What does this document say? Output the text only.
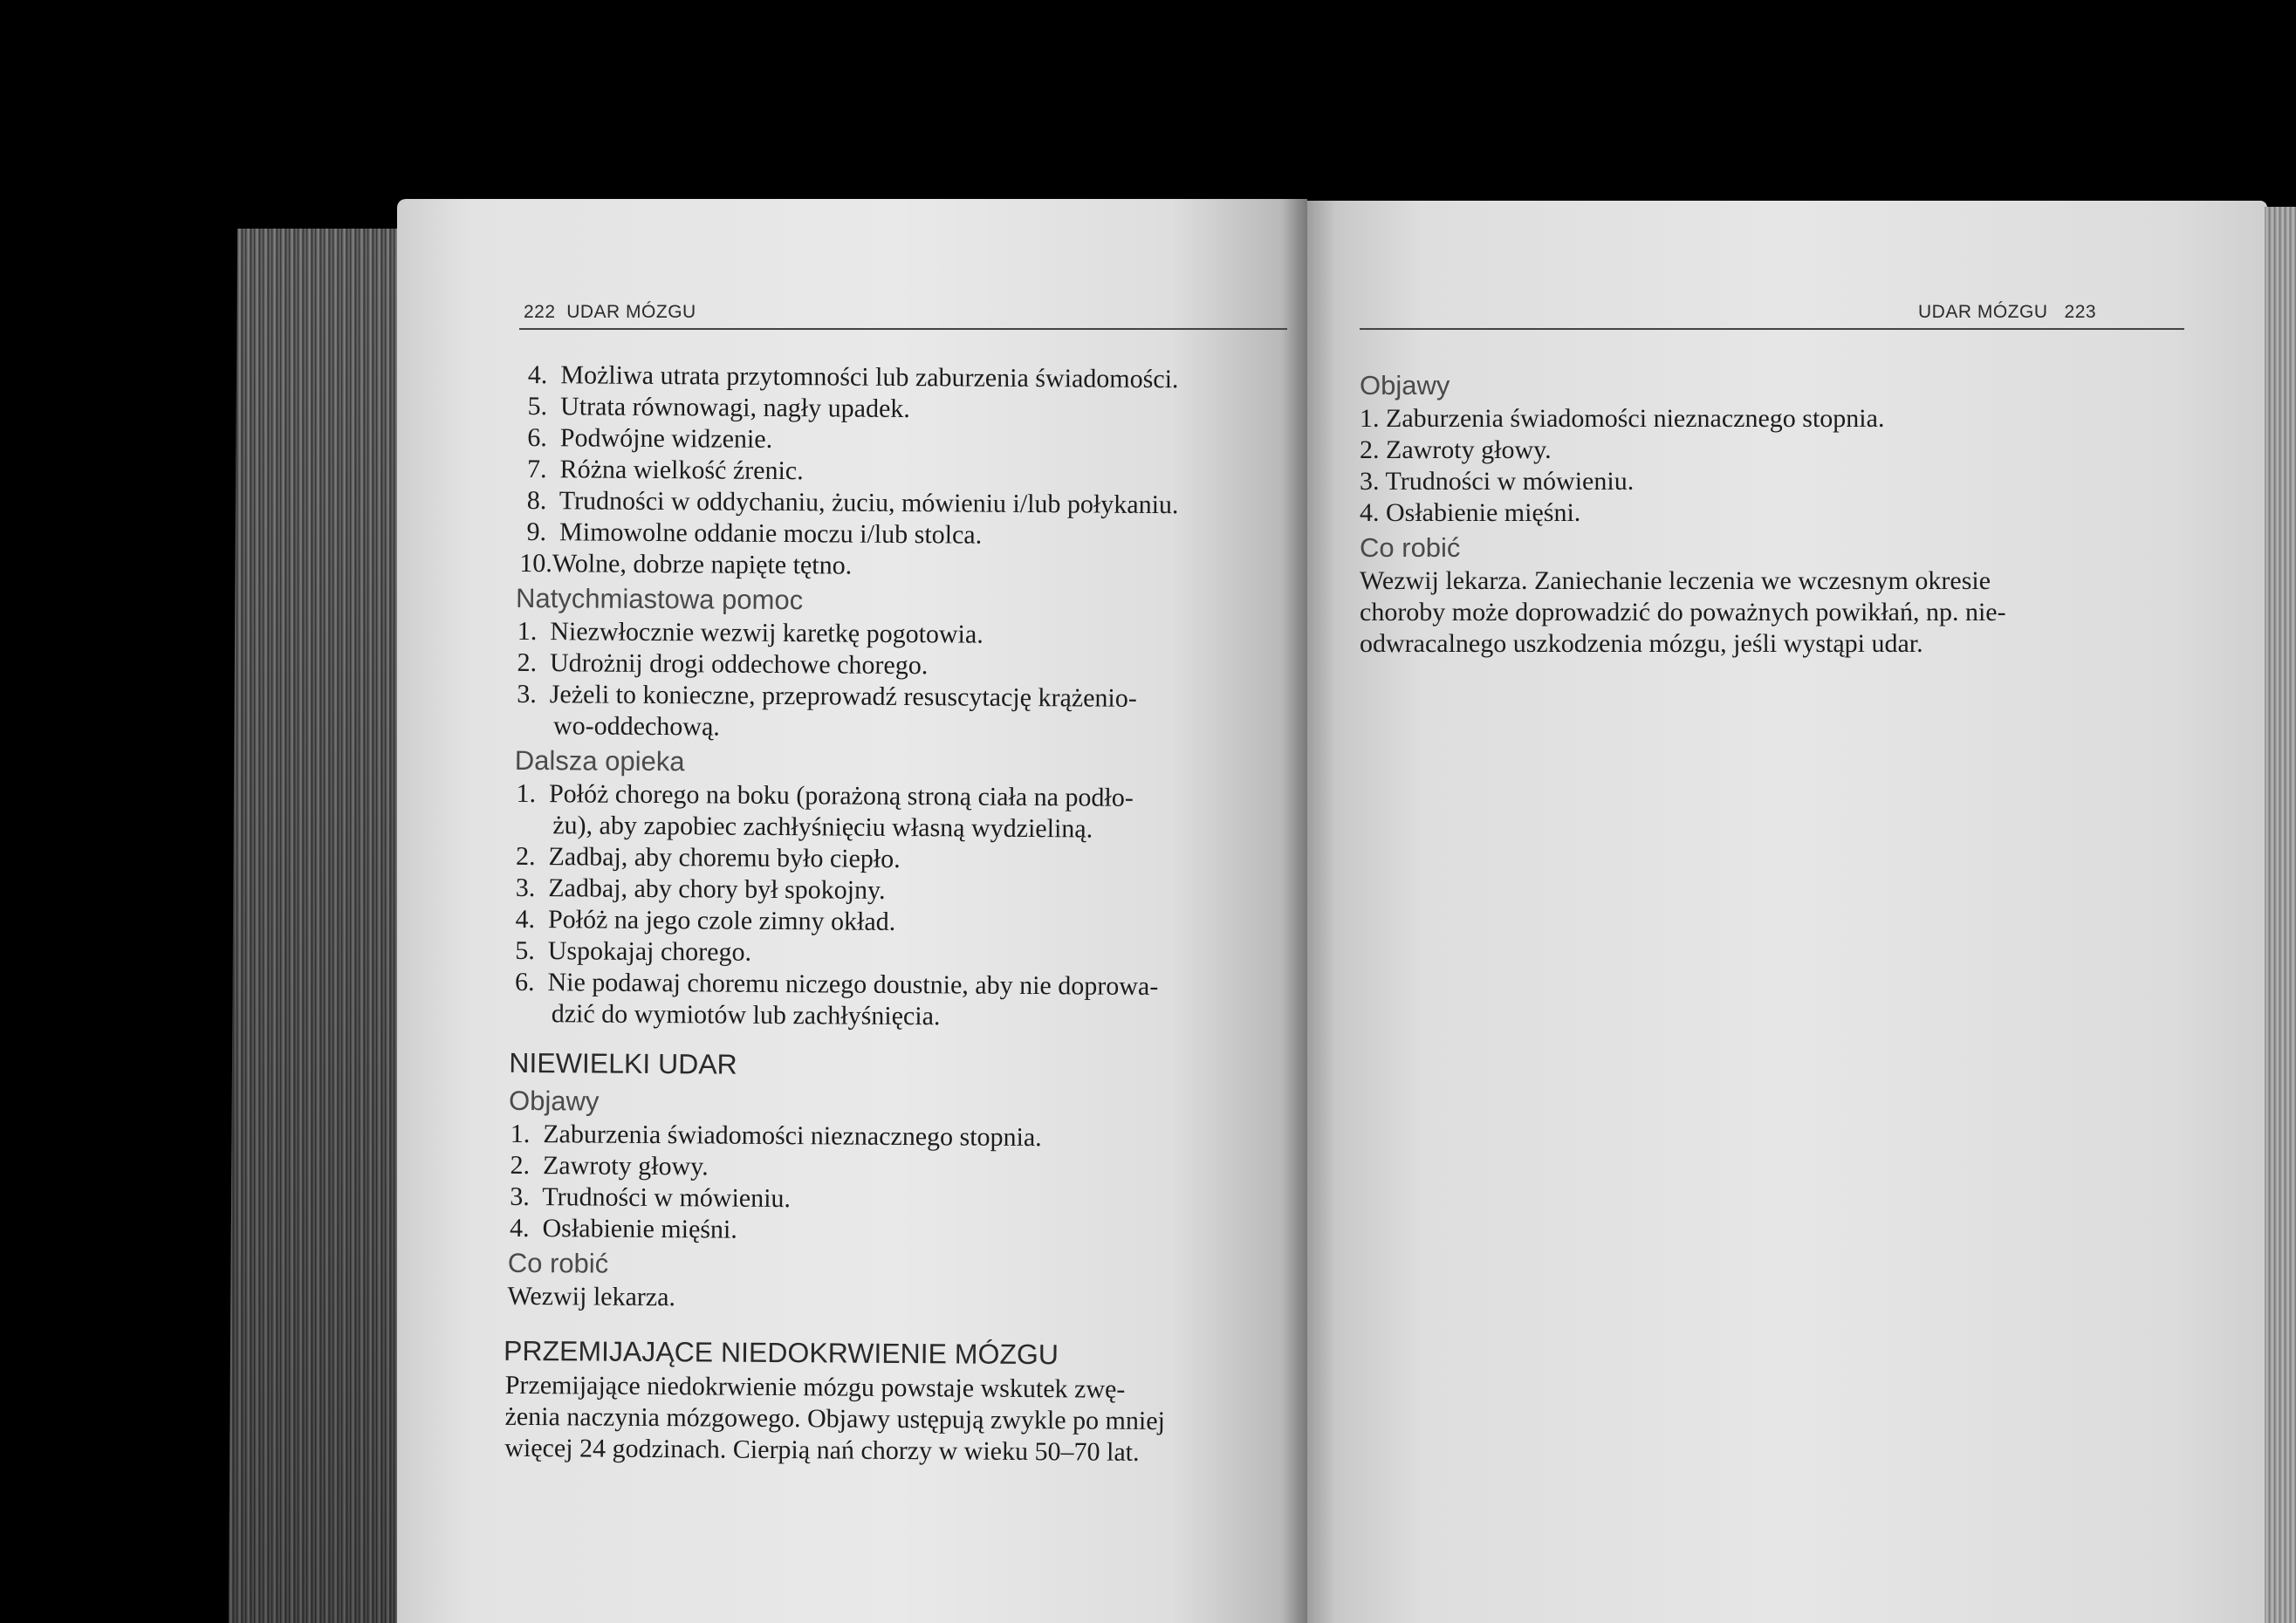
222 UDAR MÓZGU
4. Możliwa utrata przytomności lub zaburzenia świadomości.
5. Utrata równowagi, nagły upadek.
6. Podwójne widzenie.
7. Różna wielkość źrenic.
8. Trudności w oddychaniu, żuciu, mówieniu i/lub połykaniu.
9. Mimowolne oddanie moczu i/lub stolca.
10.Wolne, dobrze napięte tętno.
Natychmiastowa pomoc
1. Niezwłocznie wezwij karetkę pogotowia.
2. Udrożnij drogi oddechowe chorego.
3. Jeżeli to konieczne, przeprowadź resuscytację krążenio-
wo-oddechową.
Dalsza opieka
1. Połóż chorego na boku (porażoną stroną ciała na podło-
żu), aby zapobiec zachłyśnięciu własną wydzieliną.
2. Zadbaj, aby choremu było ciepło.
3. Zadbaj, aby chory był spokojny.
4. Połóż na jego czole zimny okład.
5. Uspokajaj chorego.
6. Nie podawaj choremu niczego doustnie, aby nie doprowa-
dzić do wymiotów lub zachłyśnięcia.
NIEWIELKI UDAR
Objawy
1. Zaburzenia świadomości nieznacznego stopnia.
2. Zawroty głowy.
3. Trudności w mówieniu.
4. Osłabienie mięśni.
Co robić
Wezwij lekarza.
PRZEMIJAJĄCE NIEDOKRWIENIE MÓZGU
Przemijające niedokrwienie mózgu powstaje wskutek zwę-
żenia naczynia mózgowego. Objawy ustępują zwykle po mniej
więcej 24 godzinach. Cierpią nań chorzy w wieku 50–70 lat.
UDAR MÓZGU 223
Objawy
1. Zaburzenia świadomości nieznacznego stopnia.
2. Zawroty głowy.
3. Trudności w mówieniu.
4. Osłabienie mięśni.
Co robić
Wezwij lekarza. Zaniechanie leczenia we wczesnym okresie
choroby może doprowadzić do poważnych powikłań, np. nie-
odwracalnego uszkodzenia mózgu, jeśli wystąpi udar.
